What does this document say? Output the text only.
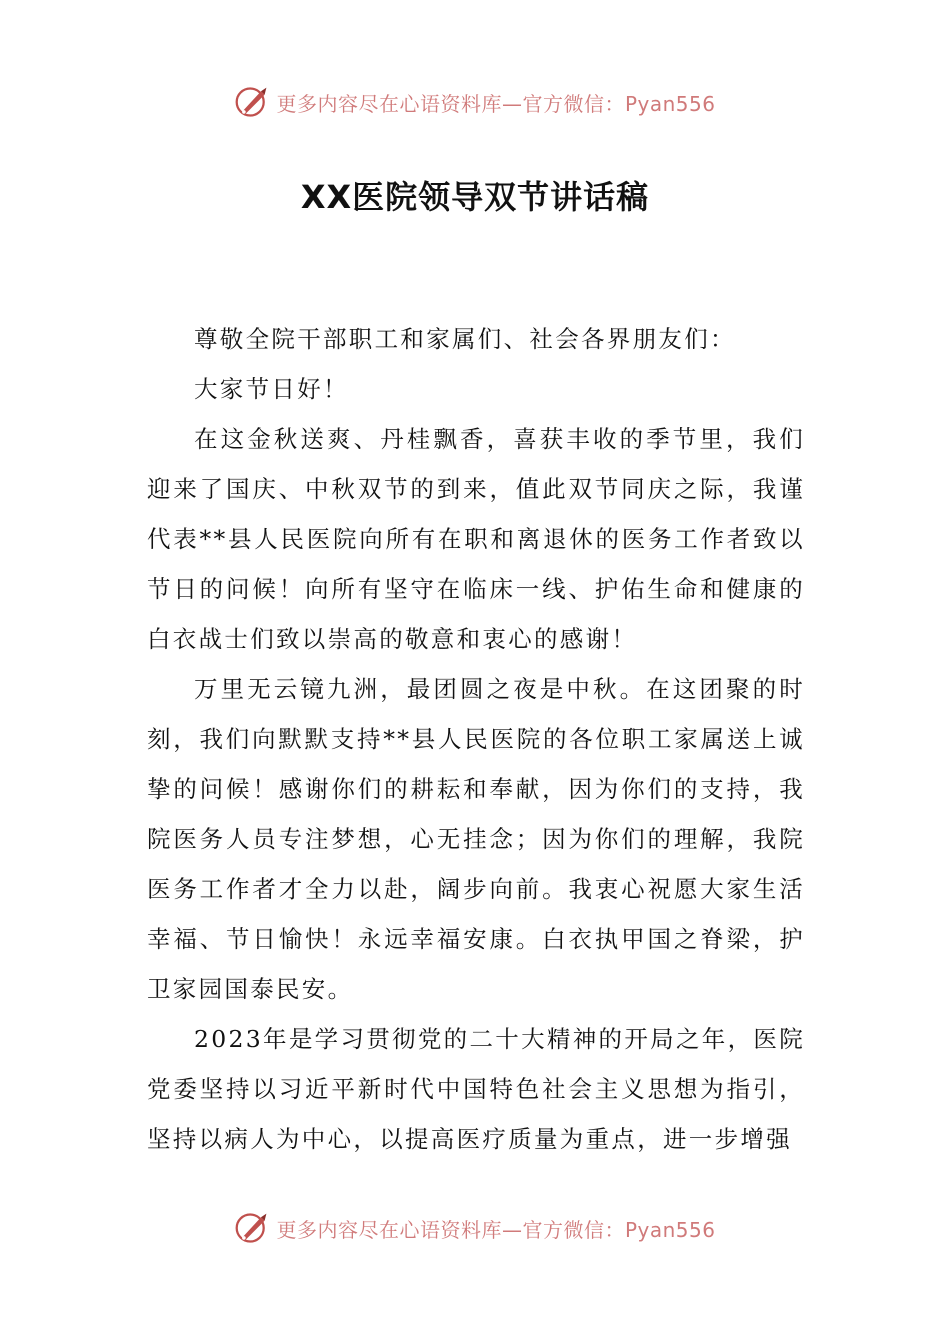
更多内容尽在心语资料库—官方微信：Pyan556
XX医院领导双节讲话稿

尊敬全院干部职工和家属们、社会各界朋友们：

大家节日好！

在这金秋送爽、丹桂飘香，喜获丰收的季节里，我们迎来了国庆、中秋双节的到来，值此双节同庆之际，我谨代表**县人民医院向所有在职和离退休的医务工作者致以节日的问候！向所有坚守在临床一线、护佑生命和健康的白衣战士们致以崇高的敬意和衷心的感谢！

万里无云镜九洲，最团圆之夜是中秋。在这团聚的时刻，我们向默默支持**县人民医院的各位职工家属送上诚挚的问候！感谢你们的耕耘和奉献，因为你们的支持，我院医务人员专注梦想，心无挂念；因为你们的理解，我院医务工作者才全力以赴，阔步向前。我衷心祝愿大家生活幸福、节日愉快！永远幸福安康。白衣执甲国之脊梁，护卫家园国泰民安。

2023年是学习贯彻党的二十大精神的开局之年，医院党委坚持以习近平新时代中国特色社会主义思想为指引，坚持以病人为中心，以提高医疗质量为重点，进一步增强

更多内容尽在心语资料库—官方微信：Pyan556
